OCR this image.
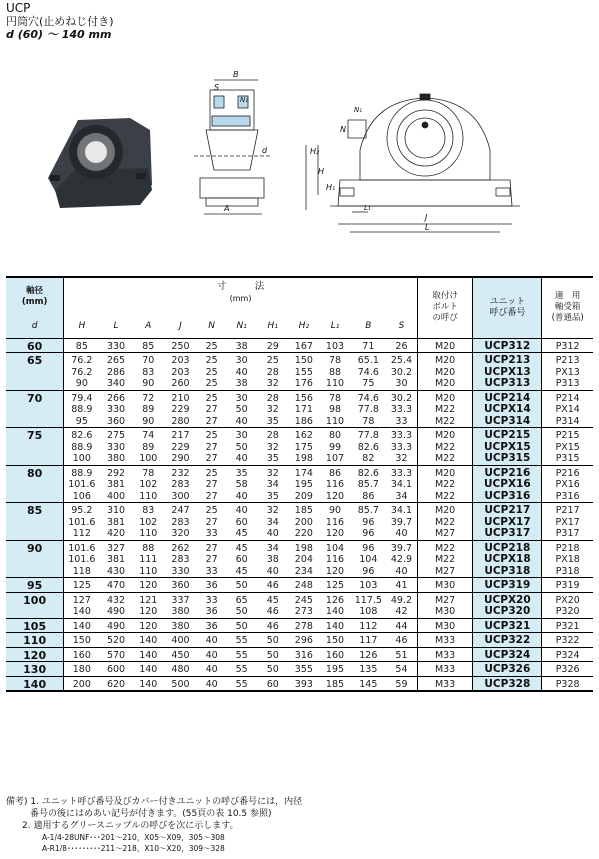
UCP
円筒穴(止めねじ付き)
d (60) ～ 140 mm
B
S
N₁
d
A
H₂
H
H₁
N
N₁
L₁
J
L
軸径
(mm)	寸　　　法
(mm)											取付け
ボルト
の呼び	ユニット
呼び番号	適　用
軸受箱
(普通品)

d	H	L	A	J	N	N₁	H₁	H₂	L₁	B	S			
60	85	330	85	250	25	38	29	167	103	71	26	M20	UCP312	P312
65	76.2	265	70	203	25	30	25	150	78	65.1	25.4	M20	UCP213	P213
	76.2	286	83	203	25	40	28	155	88	74.6	30.2	M20	UCPX13	PX13
	90	340	90	260	25	38	32	176	110	75	30	M20	UCP313	P313
70	79.4	266	72	210	25	30	28	156	78	74.6	30.2	M20	UCP214	P214
	88.9	330	89	229	27	50	32	171	98	77.8	33.3	M22	UCPX14	PX14
	95	360	90	280	27	40	35	186	110	78	33	M22	UCP314	P314
75	82.6	275	74	217	25	30	28	162	80	77.8	33.3	M20	UCP215	P215
	88.9	330	89	229	27	50	32	175	99	82.6	33.3	M22	UCPX15	PX15
	100	380	100	290	27	40	35	198	107	82	32	M22	UCP315	P315
80	88.9	292	78	232	25	35	32	174	86	82.6	33.3	M20	UCP216	P216
	101.6	381	102	283	27	58	34	195	116	85.7	34.1	M22	UCPX16	PX16
	106	400	110	300	27	40	35	209	120	86	34	M22	UCP316	P316
85	95.2	310	83	247	25	40	32	185	90	85.7	34.1	M20	UCP217	P217
	101.6	381	102	283	27	60	34	200	116	96	39.7	M22	UCPX17	PX17
	112	420	110	320	33	45	40	220	120	96	40	M27	UCP317	P317
90	101.6	327	88	262	27	45	34	198	104	96	39.7	M22	UCP218	P218
	101.6	381	111	283	27	60	38	204	116	104	42.9	M22	UCPX18	PX18
	118	430	110	330	33	45	40	234	120	96	40	M27	UCP318	P318
95	125	470	120	360	36	50	46	248	125	103	41	M30	UCP319	P319
100	127	432	121	337	33	65	45	245	126	117.5	49.2	M27	UCPX20	PX20
	140	490	120	380	36	50	46	273	140	108	42	M30	UCP320	P320
105	140	490	120	380	36	50	46	278	140	112	44	M30	UCP321	P321
110	150	520	140	400	40	55	50	296	150	117	46	M33	UCP322	P322
120	160	570	140	450	40	55	50	316	160	126	51	M33	UCP324	P324
130	180	600	140	480	40	55	50	355	195	135	54	M33	UCP326	P326
140	200	620	140	500	40	55	60	393	185	145	59	M33	UCP328	P328
備考) 1. ユニット呼び番号及びカバー付きユニットの呼び番号には，内径
番号の後にはめあい記号が付きます。(55頁の表 10.5 参照)
2. 適用するグリースニップルの呼びを次に示します。
A-1/4-28UNF･･･201～210，X05～X09，305～308
A-R1/8･････････211～218，X10～X20，309～328
